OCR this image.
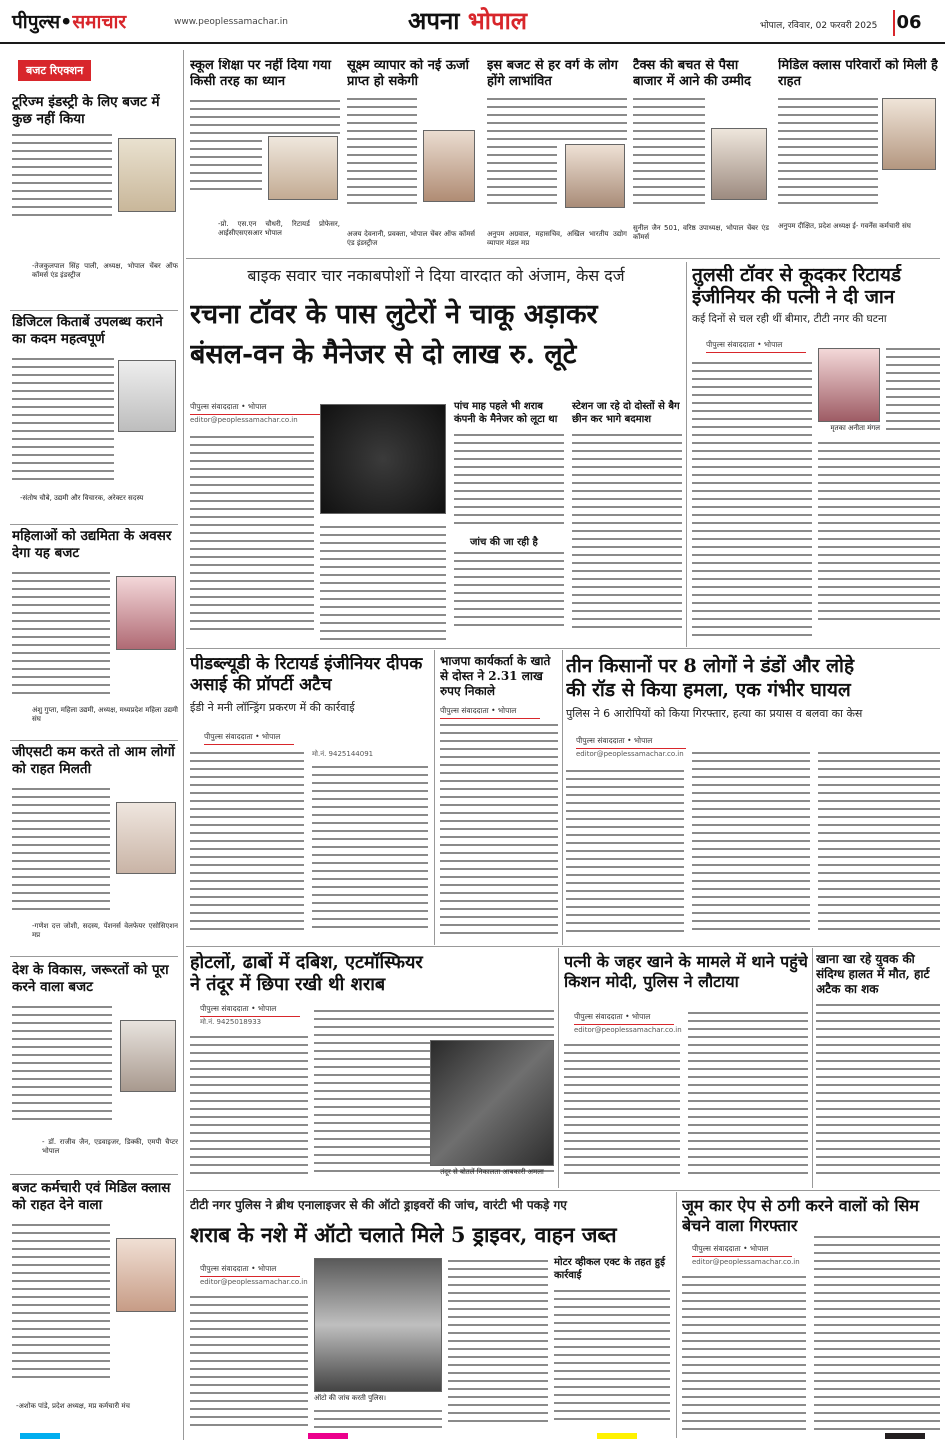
पीपुल्स•समाचार	www.peoplessamachar.in	अपना भोपाल	भोपाल, रविवार, 02 फरवरी 2025 06
बजट रिएक्शन
टूरिज्म इंडस्ट्री के लिए बजट में कुछ नहीं किया
-तेजकुलपाल सिंह पाली, अध्यक्ष, भोपाल चेंबर ऑफ कॉमर्स एंड इंडस्ट्रीज
डिजिटल किताबें उपलब्ध कराने का कदम महत्वपूर्ण
-संतोष चौबे, उद्यमी और विचारक, अरेक्टर सदस्य
महिलाओं को उद्यमिता के अवसर देगा यह बजट
अंशु गुप्ता, महिला उद्यमी, अध्यक्ष, मध्यप्रदेश महिला उद्यमी संघ
जीएसटी कम करते तो आम लोगों को राहत मिलती
-गणेश दत्त जोशी, सदस्य, पेंशनर्स वेलफेयर एसोसिएशन मप्र
देश के विकास, जरूरतों को पूरा करने वाला बजट
- डॉ. राजीव जैन, एडवाइजर, डिक्की, एमपी चैप्टर भोपाल
बजट कर्मचारी एवं मिडिल क्लास को राहत देने वाला
-अशोक पांडे, प्रदेश अध्यक्ष, मप्र कर्मचारी मंच
स्कूल शिक्षा पर नहीं दिया गया किसी तरह का ध्यान
-प्रो. एस.एन चौधरी, रिटायर्ड प्रोफेसर, आईसीएसएसआर भोपाल
सूक्ष्म व्यापार को नई ऊर्जा प्राप्त हो सकेगी
अजय देवनानी, प्रवक्ता, भोपाल चेंबर ऑफ कॉमर्स एंड इंडस्ट्रीज
इस बजट से हर वर्ग के लोग होंगे लाभांवित
अनुपम अग्रवाल, महासचिव, अखिल भारतीय उद्योग व्यापार मंडल मप्र
टैक्स की बचत से पैसा बाजार में आने की उम्मीद
सुनील जैन 501, वरिष्ठ उपाध्यक्ष, भोपाल चेंबर एंड कॉमर्स
मिडिल क्लास परिवारों को मिली है राहत
अनुपम दीक्षित, प्रदेश अध्यक्ष ई- गवर्नेंस कर्मचारी संघ
बाइक सवार चार नकाबपोशों ने दिया वारदात को अंजाम, केस दर्ज
रचना टॉवर के पास लुटेरों ने चाकू अड़ाकर
बंसल-वन के मैनेजर से दो लाख रु. लूटे
पीपुल्स संवाददाता • भोपाल
editor@peoplessamachar.co.in
पांच माह पहले भी शराब कंपनी के मैनेजर को लूटा था
जांच की जा रही है
स्टेशन जा रहे दो दोस्तों से बैग छीन कर भागे बदमाश
तुलसी टॉवर से कूदकर रिटायर्ड इंजीनियर की पत्नी ने दी जान
कई दिनों से चल रही थीं बीमार, टीटी नगर की घटना
पीपुल्स संवाददाता • भोपाल
मृतका अनीता मंगल
पीडब्ल्यूडी के रिटायर्ड इंजीनियर दीपक असाई की प्रॉपर्टी अटैच
ईडी ने मनी लॉन्ड्रिंग प्रकरण में की कार्रवाई
पीपुल्स संवाददाता • भोपाल
मो.नं. 9425144091
भाजपा कार्यकर्ता के खाते से दोस्त ने 2.31 लाख रुपए निकाले
पीपुल्स संवाददाता • भोपाल
तीन किसानों पर 8 लोगों ने डंडों और लोहे
की रॉड से किया हमला, एक गंभीर घायल
पुलिस ने 6 आरोपियों को किया गिरफ्तार, हत्या का प्रयास व बलवा का केस
पीपुल्स संवाददाता • भोपाल
editor@peoplessamachar.co.in
होटलों, ढाबों में दबिश, एटमॉस्फियर
ने तंदूर में छिपा रखी थी शराब
पीपुल्स संवाददाता • भोपाल
मो.नं. 9425018933
तंदूर से बोतलें निकालता आबकारी अमला
पत्नी के जहर खाने के मामले में थाने पहुंचे किशन मोदी, पुलिस ने लौटाया
पीपुल्स संवाददाता • भोपाल
editor@peoplessamachar.co.in
खाना खा रहे युवक की संदिग्ध हालत में मौत, हार्ट अटैक का शक
टीटी नगर पुलिस ने ब्रीथ एनालाइजर से की ऑटो ड्राइवरों की जांच, वारंटी भी पकड़े गए
शराब के नशे में ऑटो चलाते मिले 5 ड्राइवर, वाहन जब्त
पीपुल्स संवाददाता • भोपाल
editor@peoplessamachar.co.in
ऑटो की जांच करती पुलिस।
मोटर व्हीकल एक्ट के तहत हुई कार्रवाई
जूम कार ऐप से ठगी करने वालों को सिम बेचने वाला गिरफ्तार
पीपुल्स संवाददाता • भोपाल
editor@peoplessamachar.co.in
